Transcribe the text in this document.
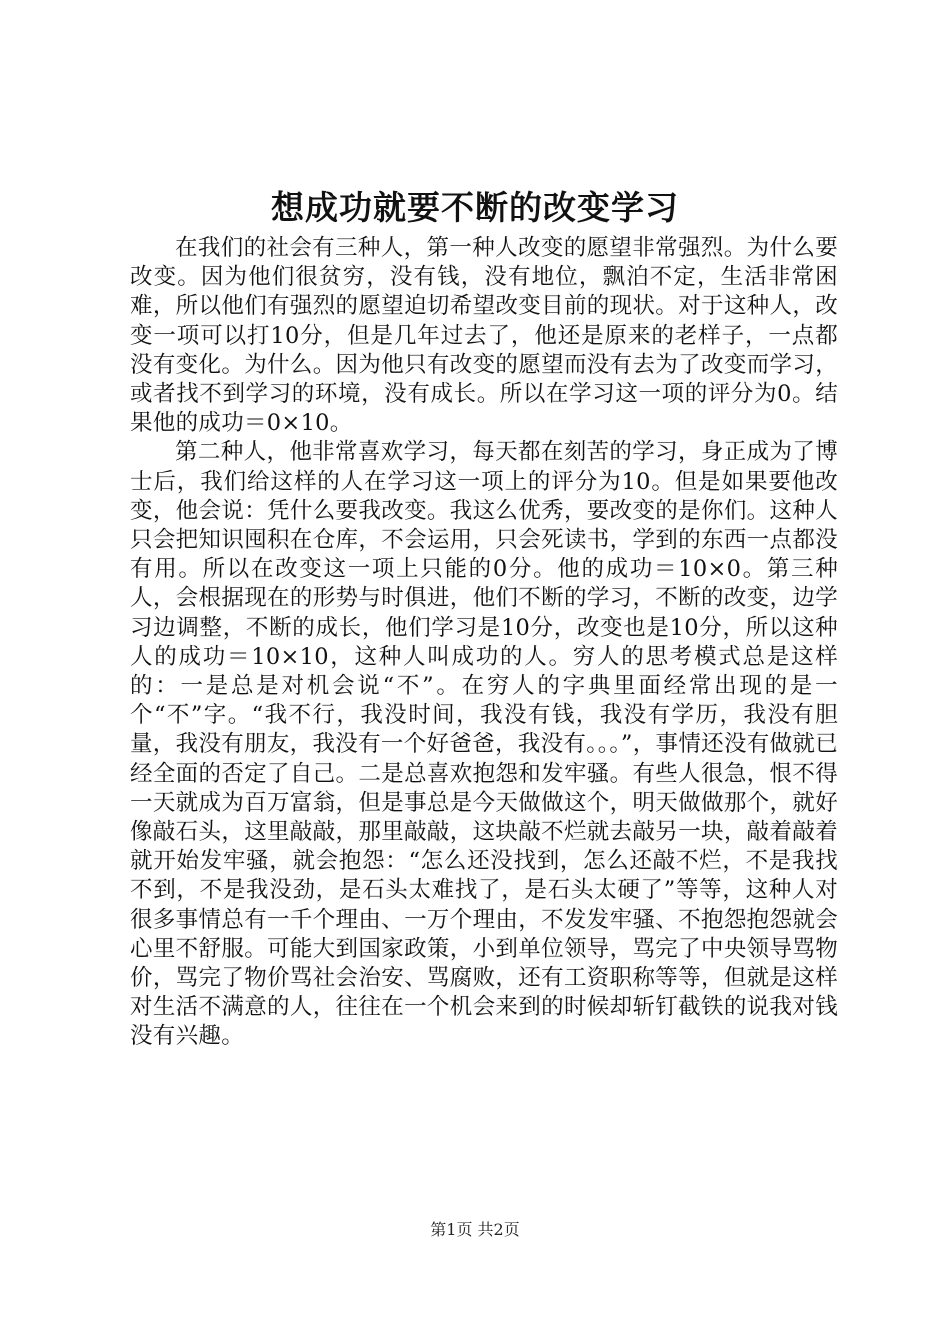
想成功就要不断的改变学习

在我们的社会有三种人，第一种人改变的愿望非常强烈。为什么要改变。因为他们很贫穷，没有钱，没有地位，飘泊不定，生活非常困难，所以他们有强烈的愿望迫切希望改变目前的现状。对于这种人，改变一项可以打10分，但是几年过去了，他还是原来的老样子，一点都没有变化。为什么。因为他只有改变的愿望而没有去为了改变而学习，或者找不到学习的环境，没有成长。所以在学习这一项的评分为0。结果他的成功＝0×10。

第二种人，他非常喜欢学习，每天都在刻苦的学习，身正成为了博士后，我们给这样的人在学习这一项上的评分为10。但是如果要他改变，他会说：凭什么要我改变。我这么优秀，要改变的是你们。这种人只会把知识囤积在仓库，不会运用，只会死读书，学到的东西一点都没有用。所以在改变这一项上只能的0分。他的成功＝10×0。第三种人，会根据现在的形势与时俱进，他们不断的学习，不断的改变，边学习边调整，不断的成长，他们学习是10分，改变也是10分，所以这种人的成功＝10×10，这种人叫成功的人。穷人的思考模式总是这样的：一是总是对机会说“不”。在穷人的字典里面经常出现的是一个“不”字。“我不行，我没时间，我没有钱，我没有学历，我没有胆量，我没有朋友，我没有一个好爸爸，我没有。。。”，事情还没有做就已经全面的否定了自己。二是总喜欢抱怨和发牢骚。有些人很急，恨不得一天就成为百万富翁，但是事总是今天做做这个，明天做做那个，就好像敲石头，这里敲敲，那里敲敲，这块敲不烂就去敲另一块，敲着敲着就开始发牢骚，就会抱怨：“怎么还没找到，怎么还敲不烂，不是我找不到，不是我没劲，是石头太难找了，是石头太硬了”等等，这种人对很多事情总有一千个理由、一万个理由，不发发牢骚、不抱怨抱怨就会心里不舒服。可能大到国家政策，小到单位领导，骂完了中央领导骂物价，骂完了物价骂社会治安、骂腐败，还有工资职称等等，但就是这样对生活不满意的人，往往在一个机会来到的时候却斩钉截铁的说我对钱没有兴趣。

第1页 共2页
